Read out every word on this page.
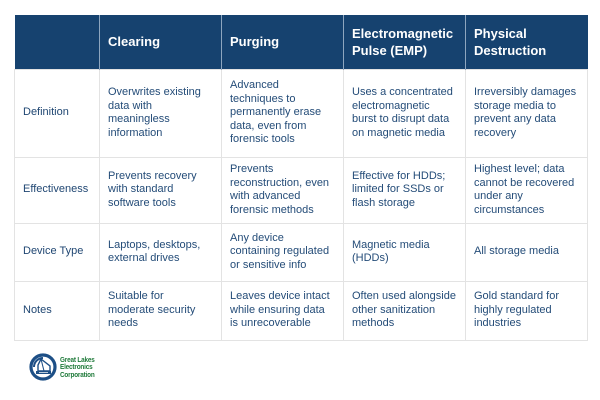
	Clearing	Purging	Electromagnetic Pulse (EMP)	Physical Destruction
Definition	Overwrites existing data with meaningless information	Advanced techniques to permanently erase data, even from forensic tools	Uses a concentrated electromagnetic burst to disrupt data on magnetic media	Irreversibly damages storage media to prevent any data recovery
Effectiveness	Prevents recovery with standard software tools	Prevents reconstruction, even with advanced forensic methods	Effective for HDDs; limited for SSDs or flash storage	Highest level; data cannot be recovered under any circumstances
Device Type	Laptops, desktops, external drives	Any device containing regulated or sensitive info	Magnetic media (HDDs)	All storage media
Notes	Suitable for moderate security needs	Leaves device intact while ensuring data is unrecoverable	Often used alongside other sanitization methods	Gold standard for highly regulated industries
Great Lakes
Electronics
Corporation
